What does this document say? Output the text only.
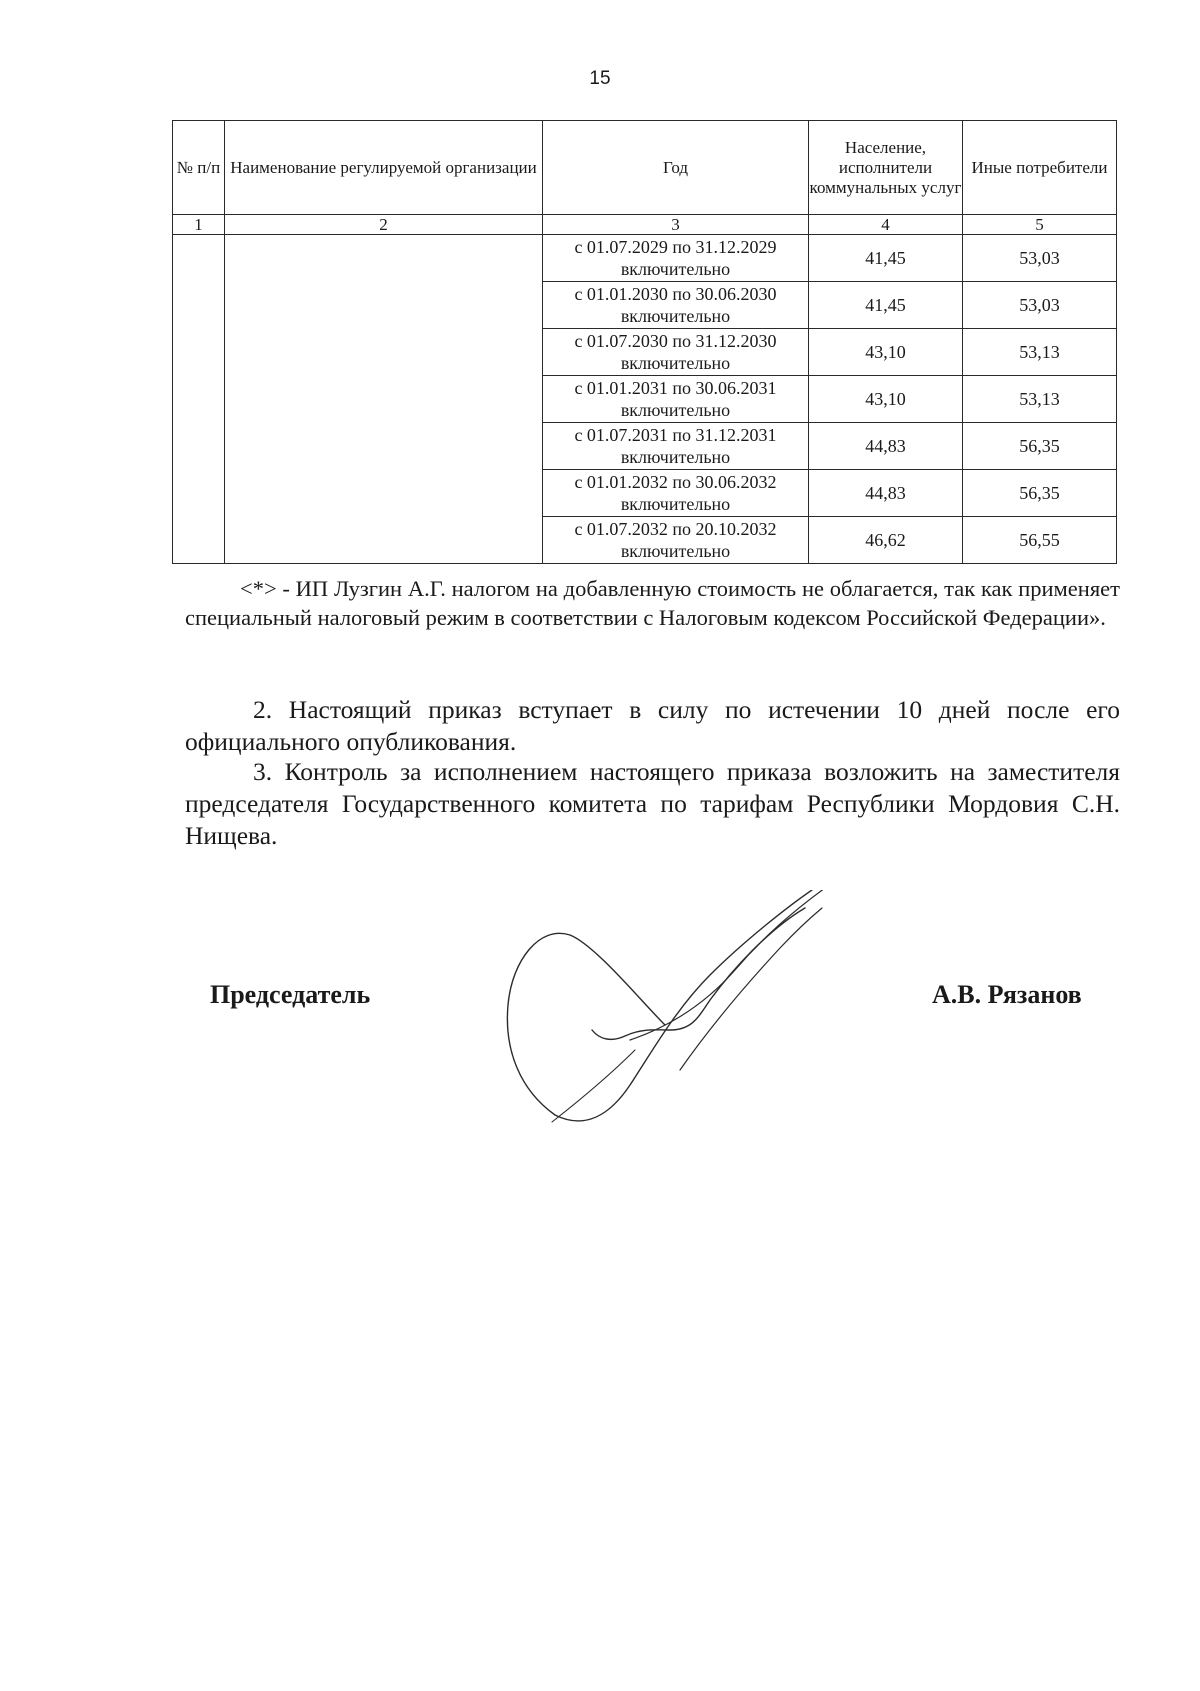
15
№ п/п	Наименование регулируемой организации	Год	Население, исполнители коммунальных услуг	Иные потребители
1	2	3	4	5
		с 01.07.2029 по 31.12.2029 включительно	41,45	53,03
		с 01.01.2030 по 30.06.2030 включительно	41,45	53,03
		с 01.07.2030 по 31.12.2030 включительно	43,10	53,13
		с 01.01.2031 по 30.06.2031 включительно	43,10	53,13
		с 01.07.2031 по 31.12.2031 включительно	44,83	56,35
		с 01.01.2032 по 30.06.2032 включительно	44,83	56,35
		с 01.07.2032 по 20.10.2032 включительно	46,62	56,55
<*> - ИП Лузгин А.Г. налогом на добавленную стоимость не облагается, так как применяет специальный налоговый режим в соответствии с Налоговым кодексом Российской Федерации».
2. Настоящий приказ вступает в силу по истечении 10 дней после его официального опубликования.
3. Контроль за исполнением настоящего приказа возложить на заместителя председателя Государственного комитета по тарифам Республики Мордовия С.Н. Нищева.
Председатель	А.В. Рязанов
